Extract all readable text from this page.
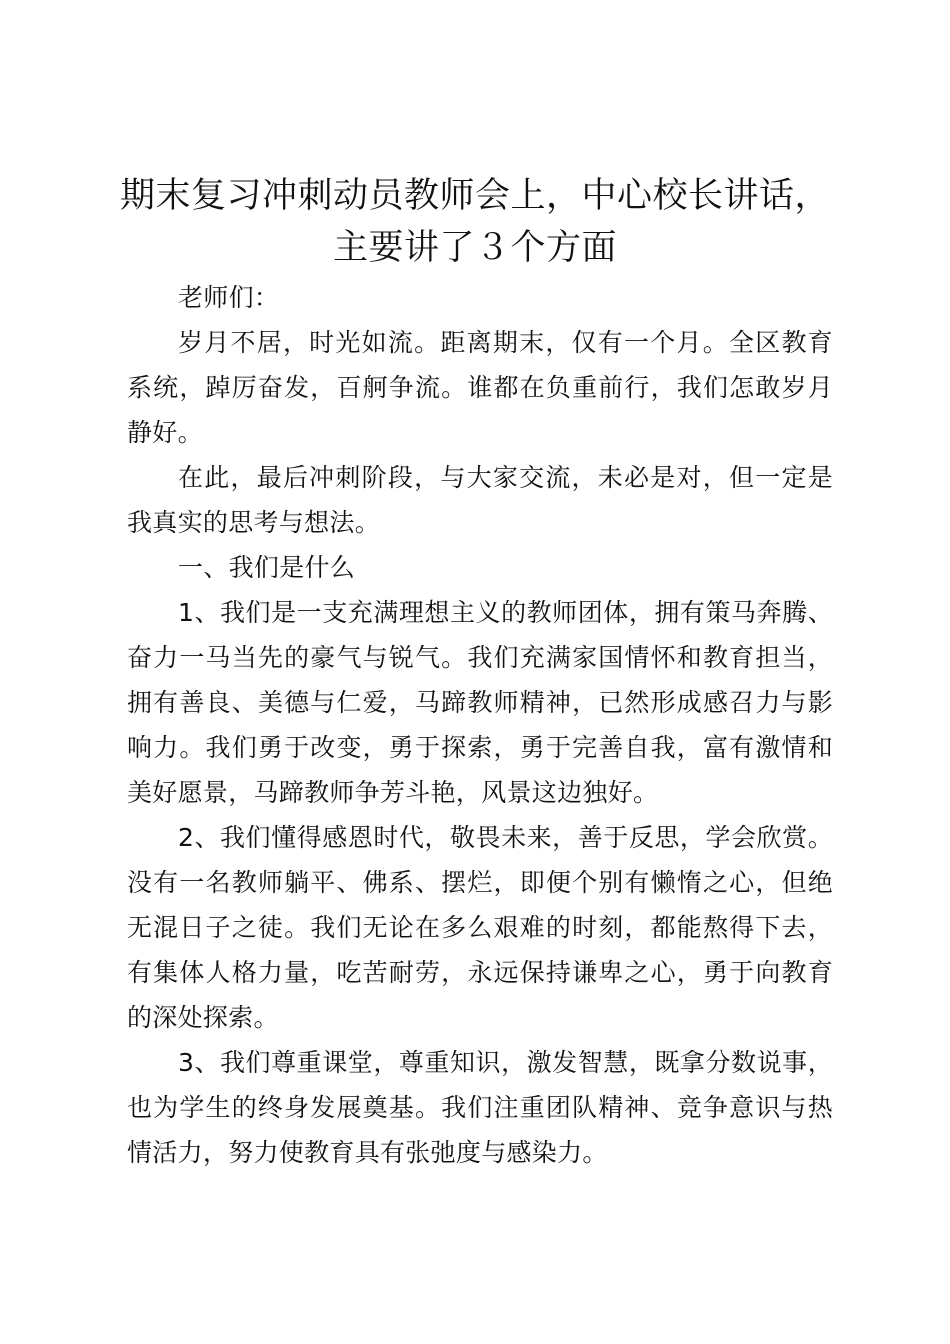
期末复习冲刺动员教师会上，中心校长讲话，
主要讲了３个方面

老师们：

岁月不居，时光如流。距离期末，仅有一个月。全区教育系统，踔厉奋发，百舸争流。谁都在负重前行，我们怎敢岁月静好。

在此，最后冲刺阶段，与大家交流，未必是对，但一定是我真实的思考与想法。

一、我们是什么

1、我们是一支充满理想主义的教师团体，拥有策马奔腾、奋力一马当先的豪气与锐气。我们充满家国情怀和教育担当，拥有善良、美德与仁爱，马蹄教师精神，已然形成感召力与影响力。我们勇于改变，勇于探索，勇于完善自我，富有激情和美好愿景，马蹄教师争芳斗艳，风景这边独好。

2、我们懂得感恩时代，敬畏未来，善于反思，学会欣赏。没有一名教师躺平、佛系、摆烂，即便个别有懒惰之心，但绝无混日子之徒。我们无论在多么艰难的时刻，都能熬得下去，有集体人格力量，吃苦耐劳，永远保持谦卑之心，勇于向教育的深处探索。

3、我们尊重课堂，尊重知识，激发智慧，既拿分数说事，也为学生的终身发展奠基。我们注重团队精神、竞争意识与热情活力，努力使教育具有张弛度与感染力。
